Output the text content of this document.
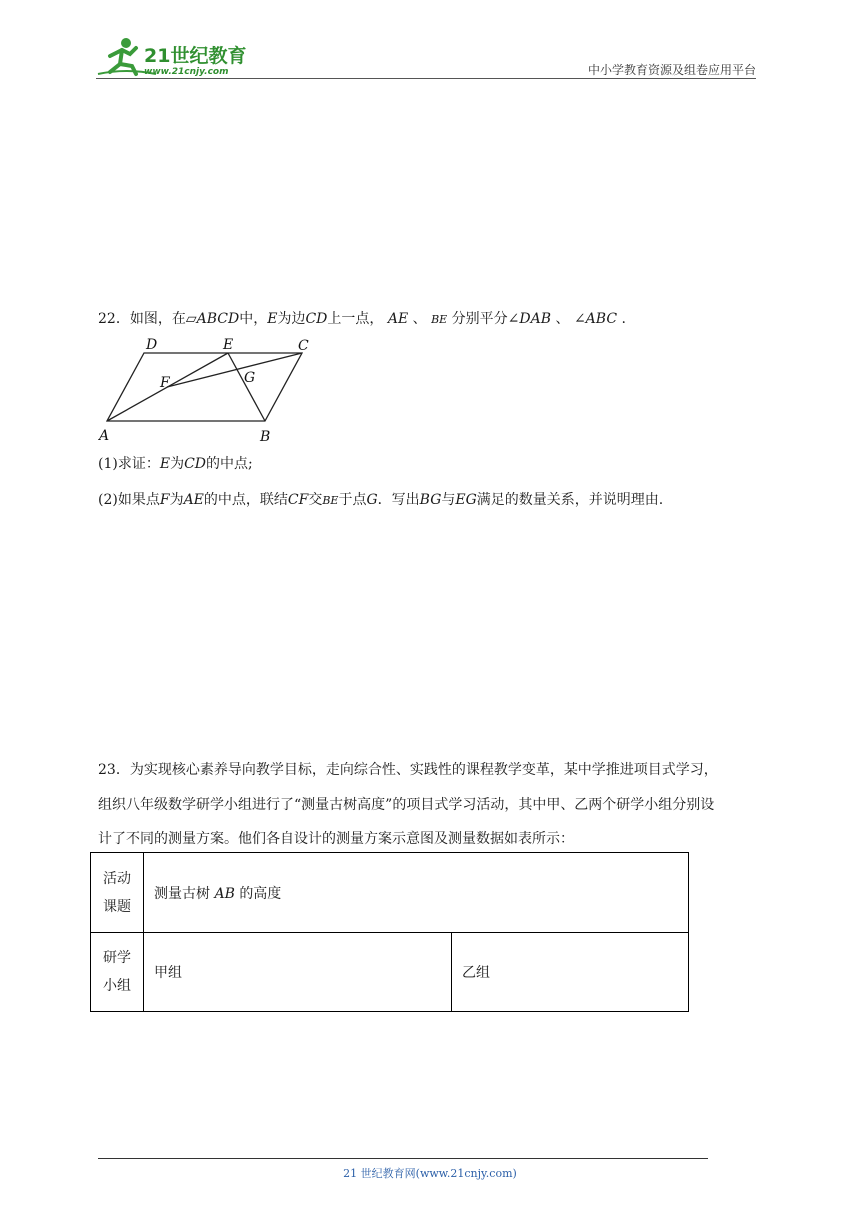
21世纪教育
www.21cnjy.com	中小学教育资源及组卷应用平台
22．如图，在▱ABCD中，E为边CD上一点， AE 、 BE 分别平分∠DAB 、 ∠ABC .
A	B
C
D	E
F	G
(1)求证：E为CD的中点;
(2)如果点F为AE的中点，联结CF交BE于点G．写出BG与EG满足的数量关系，并说明理由.
23．为实现核心素养导向教学目标，走向综合性、实践性的课程教学变革，某中学推进项目式学习，
组织八年级数学研学小组进行了“测量古树高度”的项目式学习活动，其中甲、乙两个研学小组分别设
计了不同的测量方案。他们各自设计的测量方案示意图及测量数据如表所示：
活动
课题	测量古树 AB 的高度	

研学
小组	甲组	乙组
21 世纪教育网(www.21cnjy.com)
